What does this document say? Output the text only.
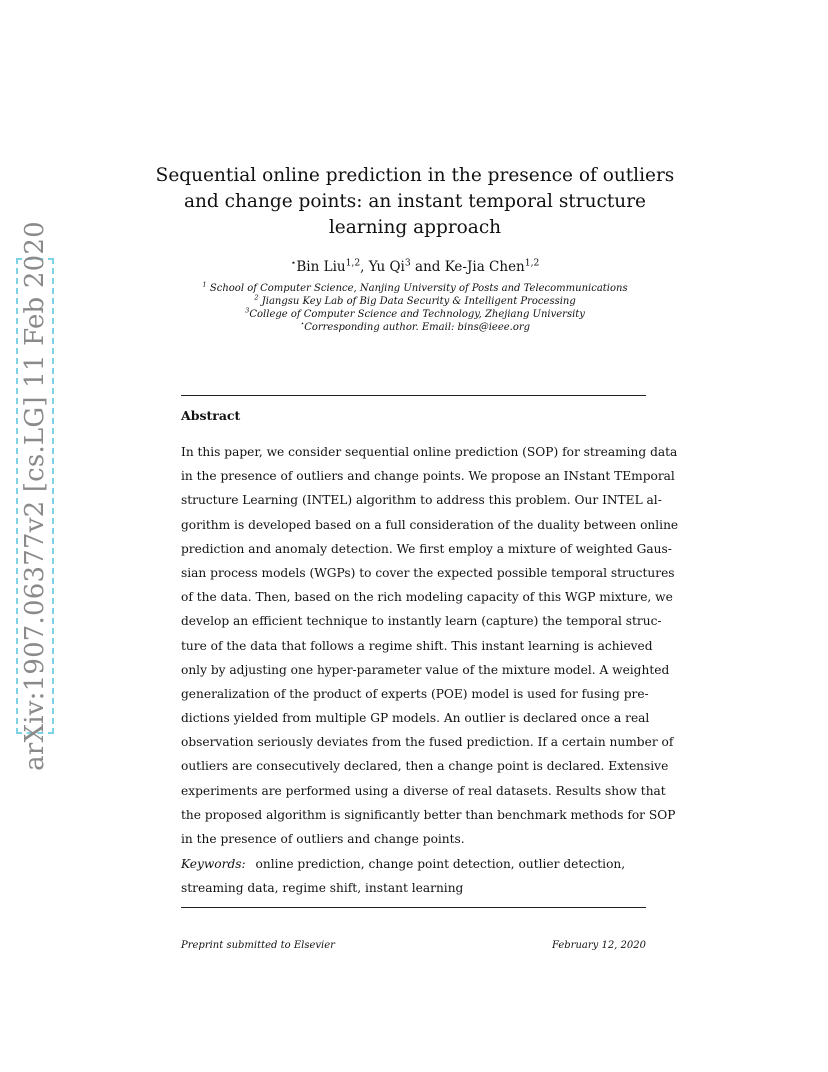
arXiv:1907.06377v2 [cs.LG] 11 Feb 2020
Sequential online prediction in the presence of outliers
and change points: an instant temporal structure
learning approach
⋆Bin Liu$^{1,2}$, Yu Qi$^3$ and Ke-Jia Chen$^{1,2}$
$^1$ School of Computer Science, Nanjing University of Posts and Telecommunications
$^2$ Jiangsu Key Lab of Big Data Security & Intelligent Processing
$^3$College of Computer Science and Technology, Zhejiang University
⋆Corresponding author. Email: bins@ieee.org
Abstract
In this paper, we consider sequential online prediction (SOP) for streaming data
in the presence of outliers and change points. We propose an INstant TEmporal
structure Learning (INTEL) algorithm to address this problem. Our INTEL al-
gorithm is developed based on a full consideration of the duality between online
prediction and anomaly detection. We first employ a mixture of weighted Gaus-
sian process models (WGPs) to cover the expected possible temporal structures
of the data. Then, based on the rich modeling capacity of this WGP mixture, we
develop an efficient technique to instantly learn (capture) the temporal struc-
ture of the data that follows a regime shift. This instant learning is achieved
only by adjusting one hyper-parameter value of the mixture model. A weighted
generalization of the product of experts (POE) model is used for fusing pre-
dictions yielded from multiple GP models. An outlier is declared once a real
observation seriously deviates from the fused prediction. If a certain number of
outliers are consecutively declared, then a change point is declared. Extensive
experiments are performed using a diverse of real datasets. Results show that
the proposed algorithm is significantly better than benchmark methods for SOP
in the presence of outliers and change points.
Keywords: online prediction, change point detection, outlier detection,
streaming data, regime shift, instant learning
Preprint submitted to Elsevier	February 12, 2020
